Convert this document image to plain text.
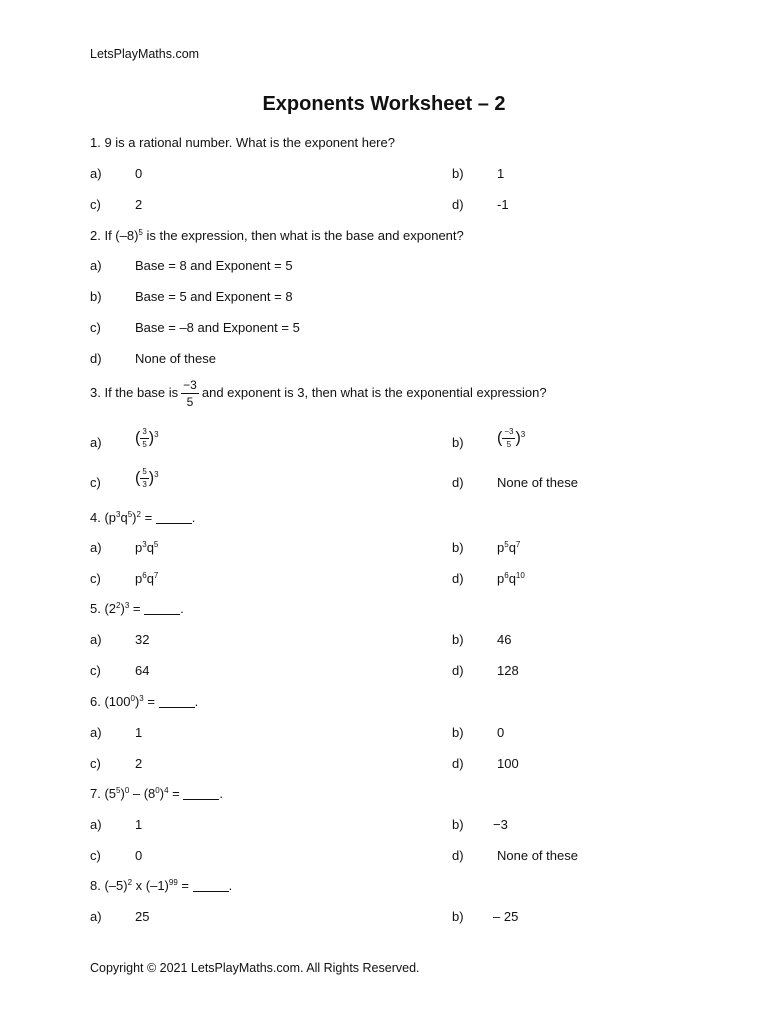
LetsPlayMaths.com
Exponents Worksheet – 2
1. 9 is a rational number. What is the exponent here?
a)	0	b)	1
c)	2	d)	-1
2. If $(-8)^5$ is the expression, then what is the base and exponent?
a)	Base = 8 and Exponent = 5
b)	Base = 5 and Exponent = 8
c)	Base = –8 and Exponent = 5
d)	None of these
3. If the base is $\frac{-3}{5}$ and exponent is 3, then what is the exponential expression?
a) ( $\frac{3}{5} )^3$
b) ( $\frac{-3}{5} )^3$
c) ( $\frac{5}{3} )^3$
d)	None of these
4. $(p^3q^5)^2$ =	.
a)	$p^3q^5$	b)	$p^5q^7$
c)	$p^6q^7$	d)	$p^6q^{10}$
5. $(2^2)^3$ =	.
a)	32	b)	46
c)	64	d)	128
6. $(100^0)^3$ =	.
a)	1	b)	0
c)	2	d)	100
7. $(5^5)^0 - (8^0)^4$ =	.
a)	1	b) −3
c)	0	d)	None of these
8. $(-5)^2$ x $(-1)^{99}$ =	.
a)	25	b) – 25
Copyright © 2021 LetsPlayMaths.com. All Rights Reserved.
